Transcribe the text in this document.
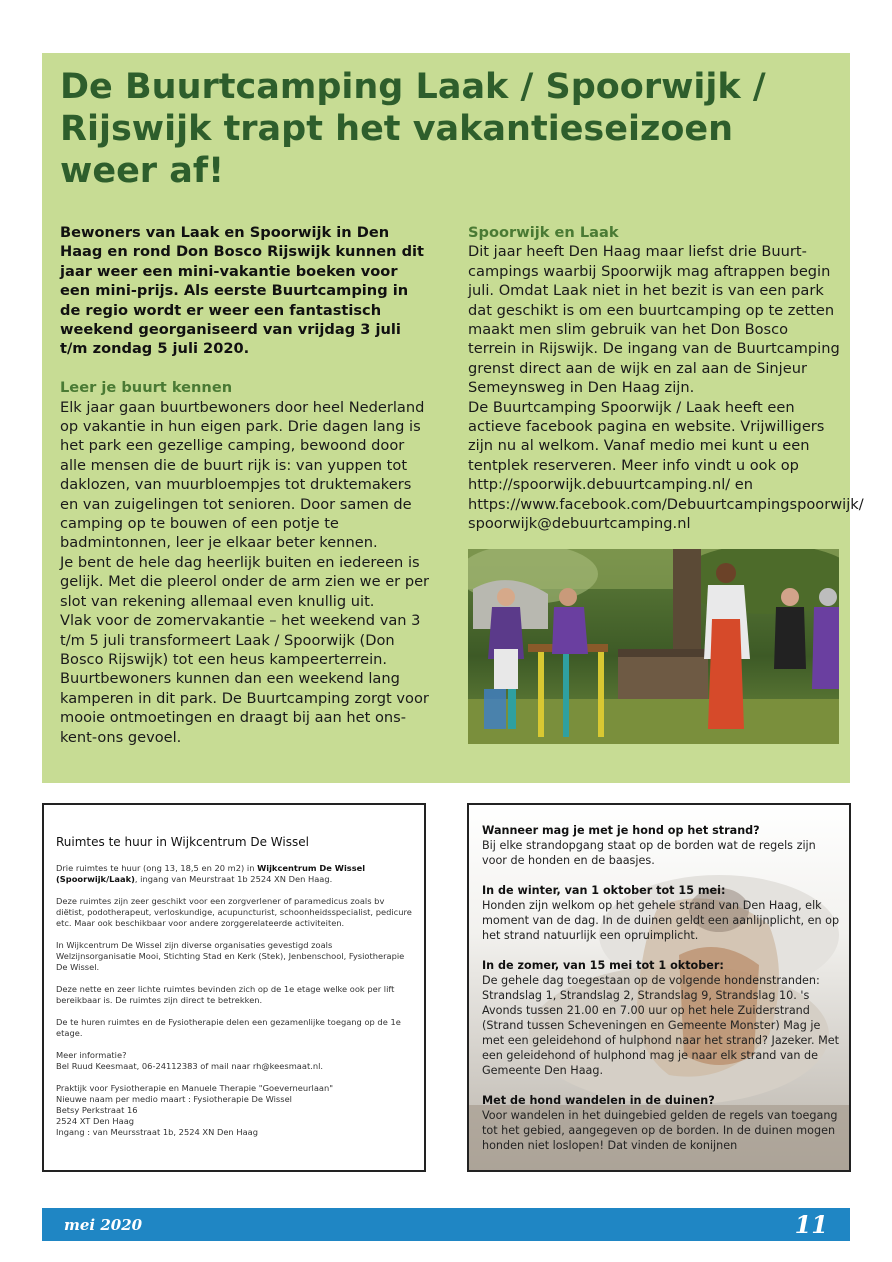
De Buurtcamping Laak / Spoorwijk / Rijswijk trapt het vakantieseizoen weer af!

Bewoners van Laak en Spoorwijk in Den Haag en rond Don Bosco Rijswijk kunnen dit jaar weer een mini-vakantie boeken voor een mini-prijs. Als eerste Buurtcamping in de regio wordt er weer een fantastisch weekend georganiseerd van vrijdag 3 juli t/m zondag 5 juli 2020.

Leer je buurt kennen

Elk jaar gaan buurtbewoners door heel Nederland op vakantie in hun eigen park. Drie dagen lang is het park een gezellige camping, bewoond door alle mensen die de buurt rijk is: van yuppen tot daklozen, van muurbloempjes tot druktemakers en van zuigelingen tot senioren. Door samen de camping op te bouwen of een potje te badmintonnen, leer je elkaar beter kennen.

Je bent de hele dag heerlijk buiten en iedereen is gelijk. Met die pleerol onder de arm zien we er per slot van rekening allemaal even knullig uit.

Vlak voor de zomervakantie – het weekend van 3 t/m 5 juli transformeert Laak / Spoorwijk (Don Bosco Rijswijk) tot een heus kampeerterrein. Buurtbewoners kunnen dan een weekend lang kamperen in dit park. De Buurtcamping zorgt voor mooie ontmoetingen en draagt bij aan het ons-kent-ons gevoel.

Spoorwijk en Laak

Dit jaar heeft Den Haag maar liefst drie Buurt-campings waarbij Spoorwijk mag aftrappen begin juli. Omdat Laak niet in het bezit is van een park dat geschikt is om een buurtcamping op te zetten maakt men slim gebruik van het Don Bosco terrein in Rijswijk. De ingang van de Buurtcamping grenst direct aan de wijk en zal aan de Sinjeur Semeynsweg in Den Haag zijn.

De Buurtcamping Spoorwijk / Laak heeft een actieve facebook pagina en website. Vrijwilligers zijn nu al welkom. Vanaf medio mei kunt u een tentplek reserveren. Meer info vindt u ook op http://spoorwijk.debuurtcamping.nl/ en https://www.facebook.com/Debuurtcampingspoorwijk/ spoorwijk@debuurtcamping.nl

Ruimtes te huur in Wijkcentrum De Wissel

Drie ruimtes te huur (ong 13, 18,5 en 20 m2) in Wijkcentrum De Wissel (Spoorwijk/Laak), ingang van Meurstraat 1b 2524 XN Den Haag.

Deze ruimtes zijn zeer geschikt voor een zorgverlener of paramedicus zoals bv diëtist, podotherapeut, verloskundige, acupuncturist, schoonheidsspecialist, pedicure etc. Maar ook beschikbaar voor andere zorggerelateerde activiteiten.

In Wijkcentrum De Wissel zijn diverse organisaties gevestigd zoals Welzijnsorganisatie Mooi, Stichting Stad en Kerk (Stek), Jenbenschool, Fysiotherapie De Wissel.

Deze nette en zeer lichte ruimtes bevinden zich op de 1e etage welke ook per lift bereikbaar is. De ruimtes zijn direct te betrekken.

De te huren ruimtes en de Fysiotherapie delen een gezamenlijke toegang op de 1e etage.

Meer informatie?
Bel Ruud Keesmaat, 06-24112383 of mail naar rh@keesmaat.nl.

Praktijk voor Fysiotherapie en Manuele Therapie "Goeverneurlaan"
Nieuwe naam per medio maart : Fysiotherapie De Wissel
Betsy Perkstraat 16
2524 XT Den Haag
Ingang : van Meursstraat 1b, 2524 XN Den Haag

Wanneer mag je met je hond op het strand?
Bij elke strandopgang staat op de borden wat de regels zijn voor de honden en de baasjes.

In de winter, van 1 oktober tot 15 mei:
Honden zijn welkom op het gehele strand van Den Haag, elk moment van de dag. In de duinen geldt een aanlijnplicht, en op het strand natuurlijk een opruimplicht.

In de zomer, van 15 mei tot 1 oktober:
De gehele dag toegestaan op de volgende hondenstranden: Strandslag 1, Strandslag 2, Strandslag 9, Strandslag 10. 's Avonds tussen 21.00 en 7.00 uur op het hele Zuiderstrand (Strand tussen Scheveningen en Gemeente Monster) Mag je met een geleidehond of hulphond naar het strand? Jazeker. Met een geleidehond of hulphond mag je naar elk strand van de Gemeente Den Haag.

Met de hond wandelen in de duinen?
Voor wandelen in het duingebied gelden de regels van toegang tot het gebied, aangegeven op de borden. In de duinen mogen honden niet loslopen! Dat vinden de konijnen

mei 2020	11
